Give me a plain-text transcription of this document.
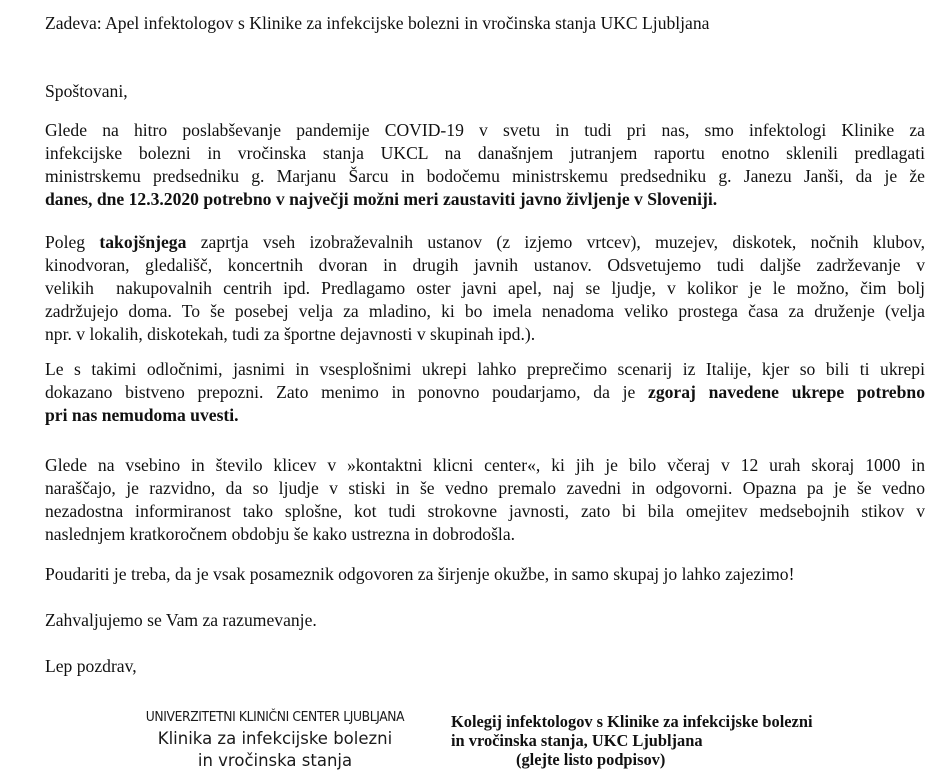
Zadeva: Apel infektologov s Klinike za infekcijske bolezni in vročinska stanja UKC Ljubljana
Spoštovani,
Glede na hitro poslabševanje pandemije COVID-19 v svetu in tudi pri nas, smo infektologi Klinike za
infekcijske bolezni in vročinska stanja UKCL na današnjem jutranjem raportu enotno sklenili predlagati
ministrskemu predsedniku g. Marjanu Šarcu in bodočemu ministrskemu predsedniku g. Janezu Janši, da je že
danes, dne 12.3.2020 potrebno v največji možni meri zaustaviti javno življenje v Sloveniji.
Poleg takojšnjega zaprtja vseh izobraževalnih ustanov (z izjemo vrtcev), muzejev, diskotek, nočnih klubov,
kinodvoran, gledališč, koncertnih dvoran in drugih javnih ustanov. Odsvetujemo tudi daljše zadrževanje v
velikih  nakupovalnih centrih ipd. Predlagamo oster javni apel, naj se ljudje, v kolikor je le možno, čim bolj
zadržujejo doma. To še posebej velja za mladino, ki bo imela nenadoma veliko prostega časa za druženje (velja
npr. v lokalih, diskotekah, tudi za športne dejavnosti v skupinah ipd.).
Le s takimi odločnimi, jasnimi in vsesplošnimi ukrepi lahko preprečimo scenarij iz Italije, kjer so bili ti ukrepi
dokazano bistveno prepozni. Zato menimo in ponovno poudarjamo, da je zgoraj navedene ukrepe potrebno
pri nas nemudoma uvesti.
Glede na vsebino in število klicev v »kontaktni klicni center«, ki jih je bilo včeraj v 12 urah skoraj 1000 in
naraščajo, je razvidno, da so ljudje v stiski in še vedno premalo zavedni in odgovorni. Opazna pa je še vedno
nezadostna informiranost tako splošne, kot tudi strokovne javnosti, zato bi bila omejitev medsebojnih stikov v
naslednjem kratkoročnem obdobju še kako ustrezna in dobrodošla.
Poudariti je treba, da je vsak posameznik odgovoren za širjenje okužbe, in samo skupaj jo lahko zajezimo!
Zahvaljujemo se Vam za razumevanje.
Lep pozdrav,
UNIVERZITETNI KLINIČNI CENTER LJUBLJANA
Klinika za infekcijske bolezni
in vročinska stanja
Kolegij infektologov s Klinike za infekcijske bolezni
in vročinska stanja, UKC Ljubljana
(glejte listo podpisov)
